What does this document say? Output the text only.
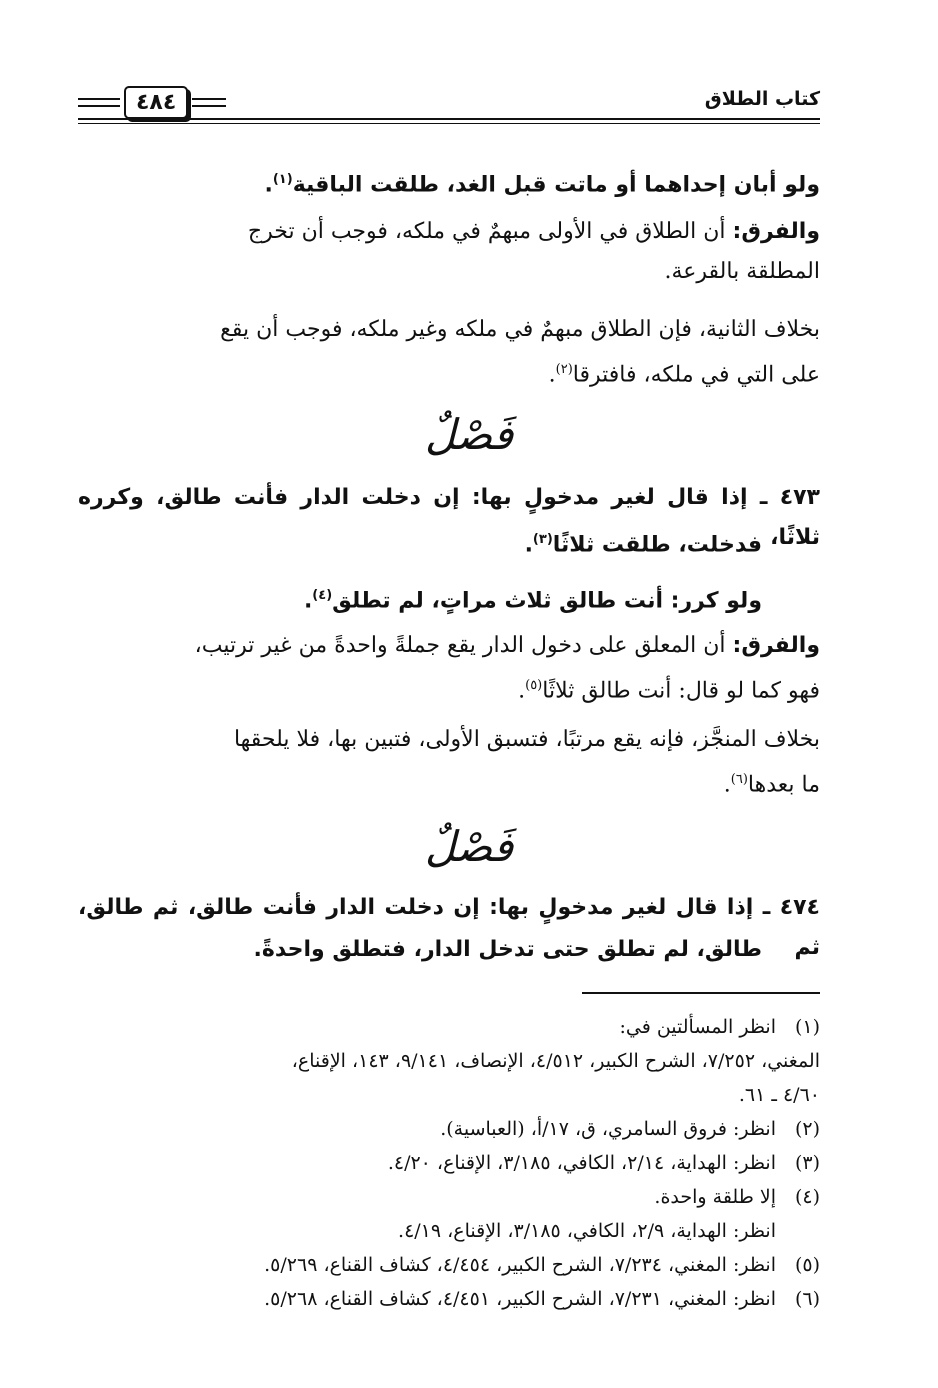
كتاب الطلاق
٤٨٤
ولو أبان إحداهما أو ماتت قبل الغد، طلقت الباقية$^{(١)}$.
والفرق: أن الطلاق في الأولى مبهمٌ في ملكه، فوجب أن تخرج
المطلقة بالقرعة.
بخلاف الثانية، فإن الطلاق مبهمٌ في ملكه وغير ملكه، فوجب أن يقع
على التي في ملكه، فافترقا$^{(٢)}$.
فَصْلٌ
٤٧٣ ـ إذا قال لغير مدخولٍ بها: إن دخلت الدار فأنت طالق، وكرره ثلاثًا،
فدخلت، طلقت ثلاثًا$^{(٣)}$.
ولو كرر: أنت طالق ثلاث مراتٍ، لم تطلق$^{(٤)}$.
والفرق: أن المعلق على دخول الدار يقع جملةً واحدةً من غير ترتيب،
فهو كما لو قال: أنت طالق ثلاثًا$^{(٥)}$.
بخلاف المنجَّز، فإنه يقع مرتبًا، فتسبق الأولى، فتبين بها، فلا يلحقها
ما بعدها$^{(٦)}$.
فَصْلٌ
٤٧٤ ـ إذا قال لغير مدخولٍ بها: إن دخلت الدار فأنت طالق، ثم طالق، ثم
طالق، لم تطلق حتى تدخل الدار، فتطلق واحدةً.
(١)انظر المسألتين في:
المغني، ٧/٢٥٢، الشرح الكبير، ٤/٥١٢، الإنصاف، ٩/١٤١، ١٤٣، الإقناع،
٤/٦٠ ـ ٦١.
(٢)انظر: فروق السامري، ق، ١٧/أ، (العباسية).
(٣)انظر: الهداية، ٢/١٤، الكافي، ٣/١٨٥، الإقناع، ٤/٢٠.
(٤)إلا طلقة واحدة.
انظر: الهداية، ٢/٩، الكافي، ٣/١٨٥، الإقناع، ٤/١٩.
(٥)انظر: المغني، ٧/٢٣٤، الشرح الكبير، ٤/٤٥٤، كشاف القناع، ٥/٢٦٩.
(٦)انظر: المغني، ٧/٢٣١، الشرح الكبير، ٤/٤٥١، كشاف القناع، ٥/٢٦٨.
